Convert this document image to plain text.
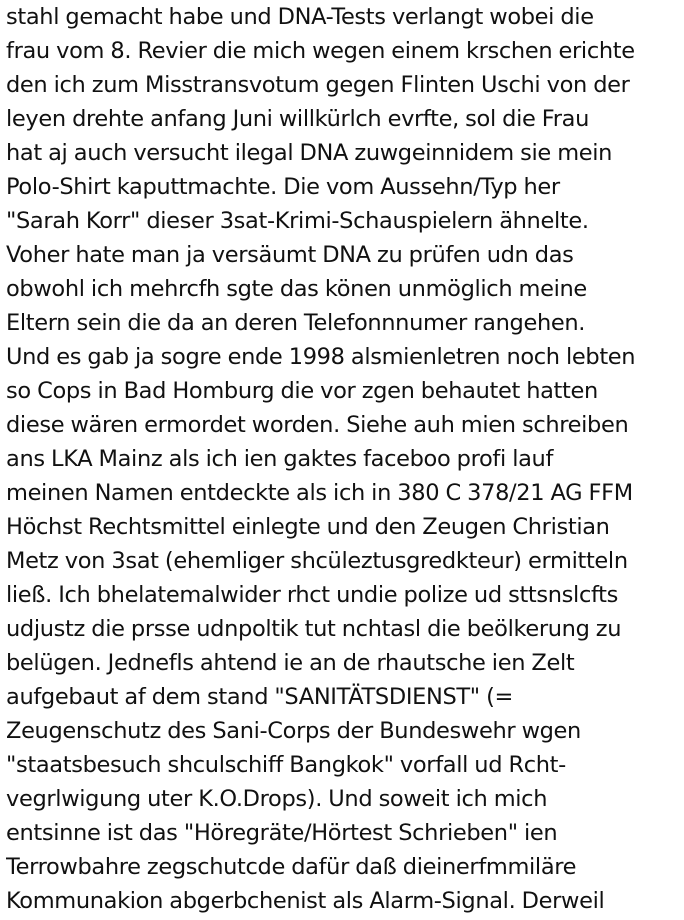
stahl gemacht habe und DNA-Tests verlangt wobei die
frau vom 8. Revier die mich wegen einem krschen erichte
den ich zum Misstransvotum gegen Flinten Uschi von der
leyen drehte anfang Juni willkürlch evrfte, sol die Frau
hat aj auch versucht ilegal DNA zuwgeinnidem sie mein
Polo-Shirt kaputtmachte. Die vom Aussehn/Typ her
"Sarah Korr" dieser 3sat-Krimi-Schauspielern ähnelte.
Voher hate man ja versäumt DNA zu prüfen udn das
obwohl ich mehrcfh sgte das könen unmöglich meine
Eltern sein die da an deren Telefonnnumer rangehen.
Und es gab ja sogre ende 1998 alsmienletren noch lebten
so Cops in Bad Homburg die vor zgen behautet hatten
diese wären ermordet worden. Siehe auh mien schreiben
ans LKA Mainz als ich ien gaktes faceboo profi lauf
meinen Namen entdeckte als ich in 380 C 378/21 AG FFM
Höchst Rechtsmittel einlegte und den Zeugen Christian
Metz von 3sat (ehemliger shcüleztusgredkteur) ermitteln
ließ. Ich bhelatemalwider rhct undie polize ud sttsnslcfts
udjustz die prsse udnpoltik tut nchtasl die beölkerung zu
belügen. Jednefls ahtend ie an de rhautsche ien Zelt
aufgebaut af dem stand "SANITÄTSDIENST" (=
Zeugenschutz des Sani-Corps der Bundeswehr wgen
"staatsbesuch shculschiff Bangkok" vorfall ud Rcht-
vegrlwigung uter K.O.Drops). Und soweit ich mich
entsinne ist das "Höregräte/Hörtest Schrieben" ien
Terrowbahre zegschutcde dafür daß dieinerfmmiläre
Kommunakion abgerbchenist als Alarm-Signal. Derweil
